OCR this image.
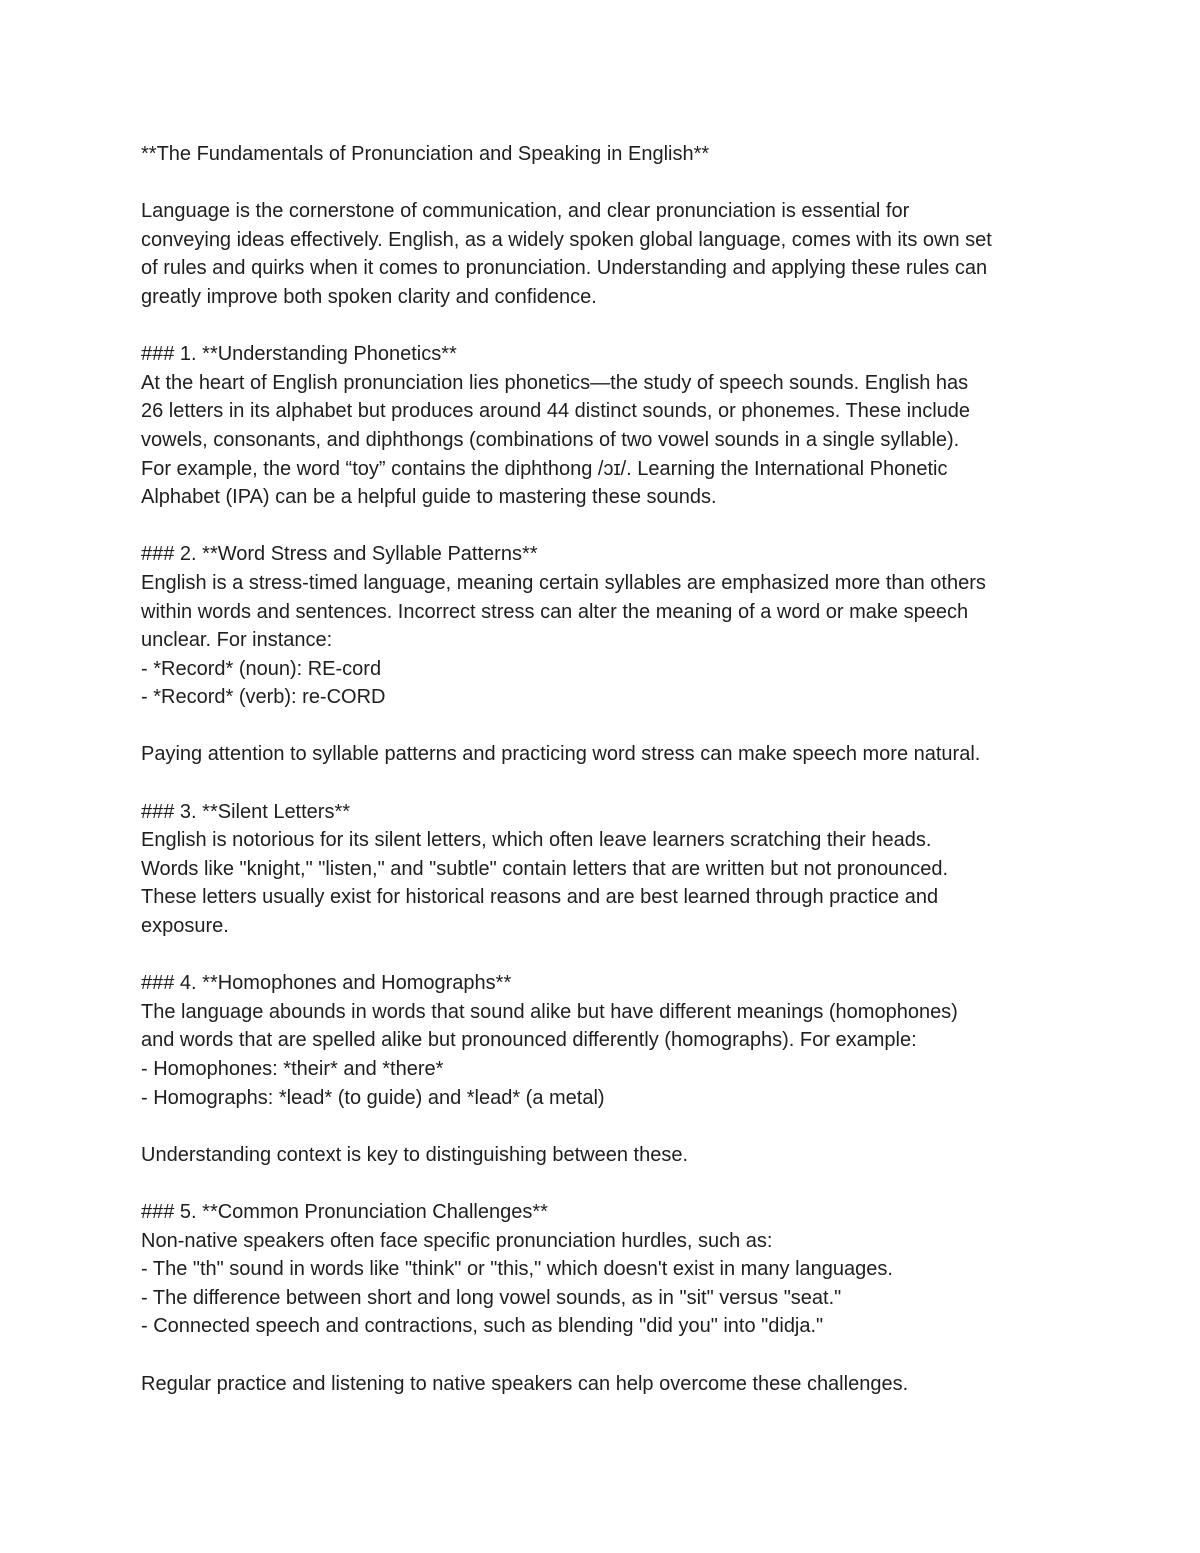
**The Fundamentals of Pronunciation and Speaking in English**
Language is the cornerstone of communication, and clear pronunciation is essential for
conveying ideas effectively. English, as a widely spoken global language, comes with its own set
of rules and quirks when it comes to pronunciation. Understanding and applying these rules can
greatly improve both spoken clarity and confidence.
### 1. **Understanding Phonetics**
At the heart of English pronunciation lies phonetics—the study of speech sounds. English has
26 letters in its alphabet but produces around 44 distinct sounds, or phonemes. These include
vowels, consonants, and diphthongs (combinations of two vowel sounds in a single syllable).
For example, the word “toy” contains the diphthong /ɔɪ/. Learning the International Phonetic
Alphabet (IPA) can be a helpful guide to mastering these sounds.
### 2. **Word Stress and Syllable Patterns**
English is a stress-timed language, meaning certain syllables are emphasized more than others
within words and sentences. Incorrect stress can alter the meaning of a word or make speech
unclear. For instance:
- *Record* (noun): RE-cord
- *Record* (verb): re-CORD
Paying attention to syllable patterns and practicing word stress can make speech more natural.
### 3. **Silent Letters**
English is notorious for its silent letters, which often leave learners scratching their heads.
Words like "knight," "listen," and "subtle" contain letters that are written but not pronounced.
These letters usually exist for historical reasons and are best learned through practice and
exposure.
### 4. **Homophones and Homographs**
The language abounds in words that sound alike but have different meanings (homophones)
and words that are spelled alike but pronounced differently (homographs). For example:
- Homophones: *their* and *there*
- Homographs: *lead* (to guide) and *lead* (a metal)
Understanding context is key to distinguishing between these.
### 5. **Common Pronunciation Challenges**
Non-native speakers often face specific pronunciation hurdles, such as:
- The "th" sound in words like "think" or "this," which doesn't exist in many languages.
- The difference between short and long vowel sounds, as in "sit" versus "seat."
- Connected speech and contractions, such as blending "did you" into "didja."
Regular practice and listening to native speakers can help overcome these challenges.
